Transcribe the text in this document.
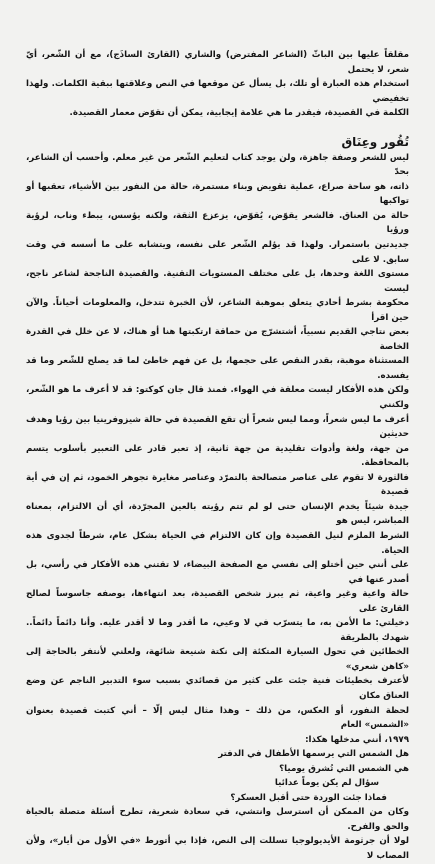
مقلقاً عليها بين الباثّ (الشاعر المفترض) والشاري (القارئ الساذَج)، مع أن الشّعر، أيّ شعر، لا يحتمل

استخدام هذه العبارة أو تلك، بل يسأل عن موقعها في النص وعلاقتها ببقية الكلمات. ولهذا تخفيضي

الكلمة في القصيدة، فيقدر ما هي علامة إيجابية، يمكن أن تقوّض معمار القصيدة.

تُقُور وعِنَاق

ليس للشعر وصفة جاهزة، ولن يوجد كتاب لتعليم الشّعر من غير معلم. وأحسب أن الشاعر، بحدّ

ذاته، هو ساحة صراع، عملية تقويض وبناء مستمرة، حالة من النفور بين الأشياء، تعقبها أو تواكبها

حالة من العناق. فالشعر يقوّض، يُقوّض، يزعزع الثقة، ولكنه يؤسس، يبطء وناب، لرؤية ورؤيا

جديدتين باستمرار. ولهذا قد يؤلم الشّعر على نفسه، ويتشابه على ما أسسه في وقت سابق. لا على

مستوى اللغة وحدها، بل على مختلف المستويات التقنية. والقصيدة الناجحة لشاعر ناجح، ليست

محكومة بشرط أحادي يتعلق بموهبة الشاعر، لأن الخبرة تتدخل، والمعلومات أحياناً. والآن حين اقرأ

بعض نتاجي القديم نسبياً، أشتشرّج من حماقة ارتكبتها هنا أو هناك، لا عن خلل في القدرة الخاصة

المستثناة موهبة، بقدر النقص على حجمها، بل عن فهم خاطئ لما قد يصلح للشّعر وما قد يفسده.

ولكن هذه الأفكار ليست معلقة في الهواء. فمنذ قال جان كوكتو: قد لا أعرف ما هو الشّعر، ولكنني

أعرف ما ليس شعراً، ومما ليس شعراً أن تقع القصيدة في حالة شيزوفرينيا بين رؤيا وهدف حديثين

من جهة، ولغة وأدوات تقليدية من جهة ثانية، إذ تعبر قادر على التعبير بأسلوب يتسم بالمحافظة.

فالثورة لا تقوم على عناصر متصالحة بالتمرّد وعناصر مغايرة تجوهر الخمود، ثم إن في أية قصيدة

جيدة شيئاً يخدم الإنسان حتى لو لم تتم رؤيته بالعين المجرّدة، أي أن الالتزام، بمعناه المباشر، ليس هو

الشرط الملزم لنيل القصيدة وإن كان الالتزام في الحياة بشكل عام، شرطاً لجدوى هذه الحياة.

على أنني حين أختلو إلى نفسي مع الصفحة البيضاء، لا تقتني هذه الأفكار في رأسي، بل أصدر عنها في

حالة واعية وغير واعية، ثم يبرز شخص القصيدة، بعد انتهاءها، بوصفه جاسوساً لصالح القارئ على

دخيلتي: ما الأمن به، ما يتسرّب في لا وعيي، ما أقدر وما لا أقدر عليه. وأنا دائماً دائماً.. شهدك بالطريقة

الخطائين في تحول السيارة المتكئة إلى نكتة شنيعة شائهة، ولعلني لأنتفر بالحاجة إلى «كاهن شعري»

لأعترف بخطيئات فنية جئت على كثير من قصائدي بسبب سوء التدبير الناجم عن وضع العناق مكان

لحظة النفور، أو العكس، من ذلك – وهذا مثال ليس إلّا – أني كتبت قصيدة بعنوان «الشمس» العام

١٩٧٩، أنني مدخلها هكذا:

هل الشمس التي يرسمها الأطفال في الدفتر

هي الشمس التي تُشرق يوميا؟

سؤال لم يكن يوماً عدائيا

فماذا جئت الوردة حتى أقبل العسكر؟

وكان من الممكن أن استرسل وانتشي، في سعادة شعرية، تطرح أسئلة متصلة بالحياة والحق والفرح.

لولا أن جرثومة الأيديولوجيا تسللت إلى النص، فإذا بي أتورط «في الأول من أيار»، ولأن المصاب لا
